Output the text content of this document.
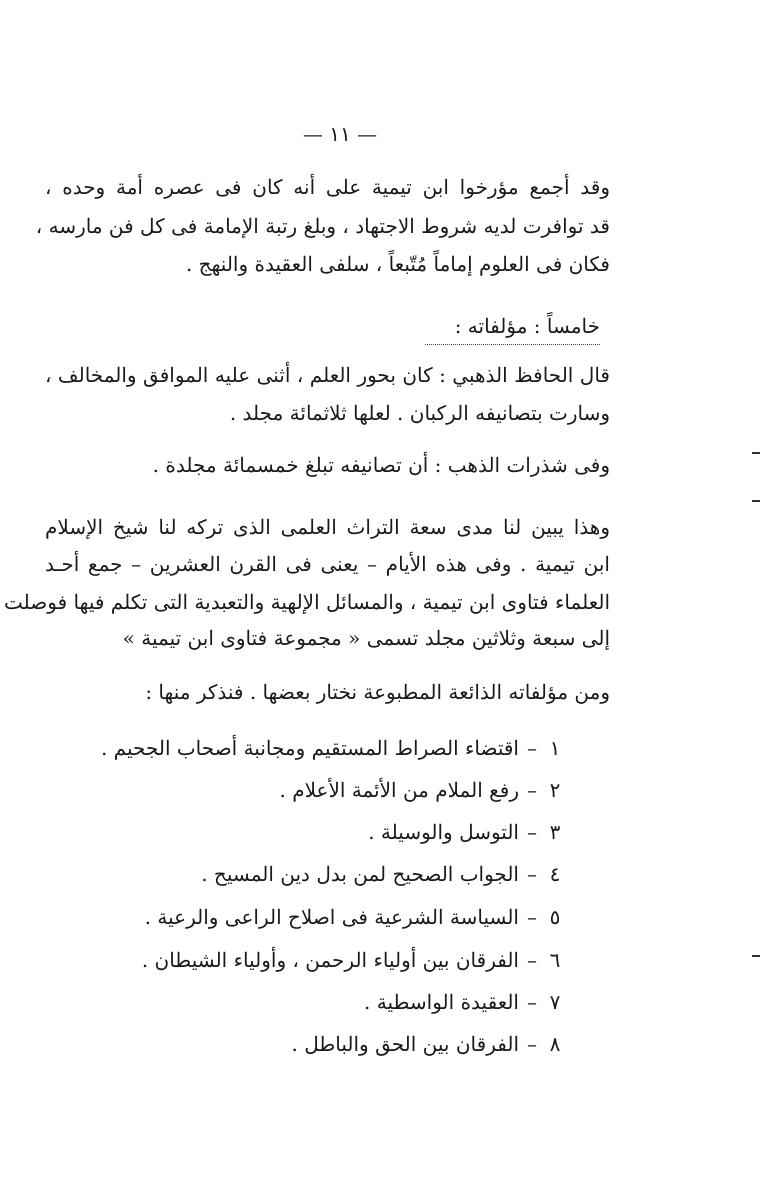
— ١١ —
وقد أجمع مؤرخوا ابن تيمية على أنه كان فى عصره أمة وحده ،
قد توافرت لديه شروط الاجتهاد ، وبلغ رتبة الإمامة فى كل فن مارسه ،
فكان فى العلوم إماماً مُتّبعاً ، سلفى العقيدة والنهج .
خامساً : مؤلفاته :
قال الحافظ الذهبي : كان بحور العلم ، أثنى عليه الموافق والمخالف ،
وسارت بتصانيفه الركبان . لعلها ثلاثمائة مجلد .
وفى شذرات الذهب : أن تصانيفه تبلغ خمسمائة مجلدة .
وهذا يبين لنا مدى سعة التراث العلمى الذى تركه لنا شيخ الإسلام
ابن تيمية . وفى هذه الأيام – يعنى فى القرن العشرين – جمع أحـد
العلماء فتاوى ابن تيمية ، والمسائل الإلهية والتعبدية التى تكلم فيها فوصلت
إلى سبعة وثلاثين مجلد تسمى « مجموعة فتاوى ابن تيمية »
ومن مؤلفاته الذائعة المطبوعة نختار بعضها . فنذكر منها :
١–اقتضاء الصراط المستقيم ومجانبة أصحاب الجحيم .
٢–رفع الملام من الأئمة الأعلام .
٣–التوسل والوسيلة .
٤–الجواب الصحيح لمن بدل دين المسيح .
٥–السياسة الشرعية فى اصلاح الراعى والرعية .
٦–الفرقان بين أولياء الرحمن ، وأولياء الشيطان .
٧–العقيدة الواسطية .
٨–الفرقان بين الحق والباطل .
